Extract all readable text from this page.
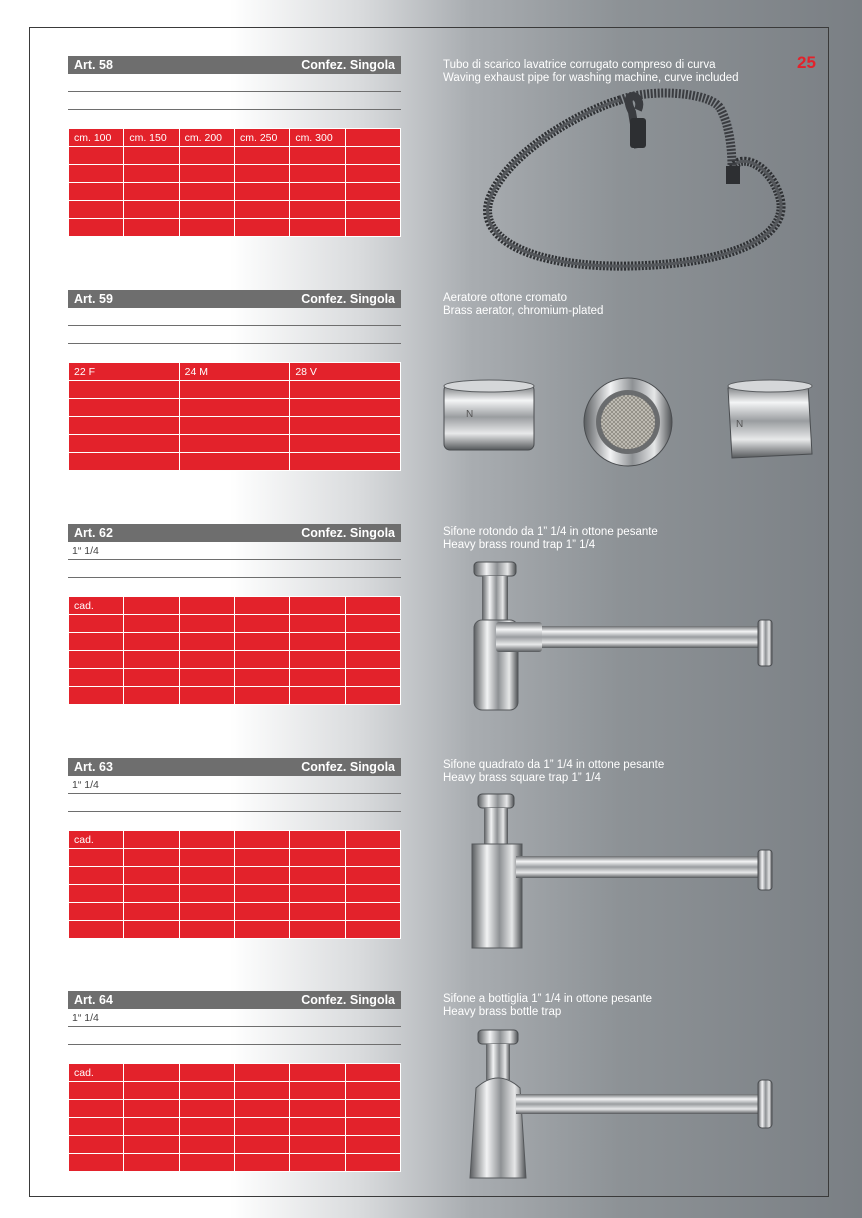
25
Art. 58	Confez. Singola
cm. 100	cm. 150	cm. 200	cm. 250	cm. 300	

Tubo di scarico lavatrice corrugato compreso di curva
Waving exhaust pipe for washing machine, curve included
Art. 59	Confez. Singola
22 F	24 M	28 V

Aeratore ottone cromato
Brass aerator, chromium-plated
N
N
Art. 62	Confez. Singola
1“ 1/4
cad.					

Sifone rotondo da 1” 1/4 in ottone pesante
Heavy brass round trap 1” 1/4
Art. 63	Confez. Singola
1“ 1/4
cad.					

Sifone quadrato da 1” 1/4 in ottone pesante
Heavy brass square trap 1” 1/4
Art. 64	Confez. Singola
1“ 1/4
cad.					

Sifone a bottiglia 1” 1/4 in ottone pesante
Heavy brass bottle trap
